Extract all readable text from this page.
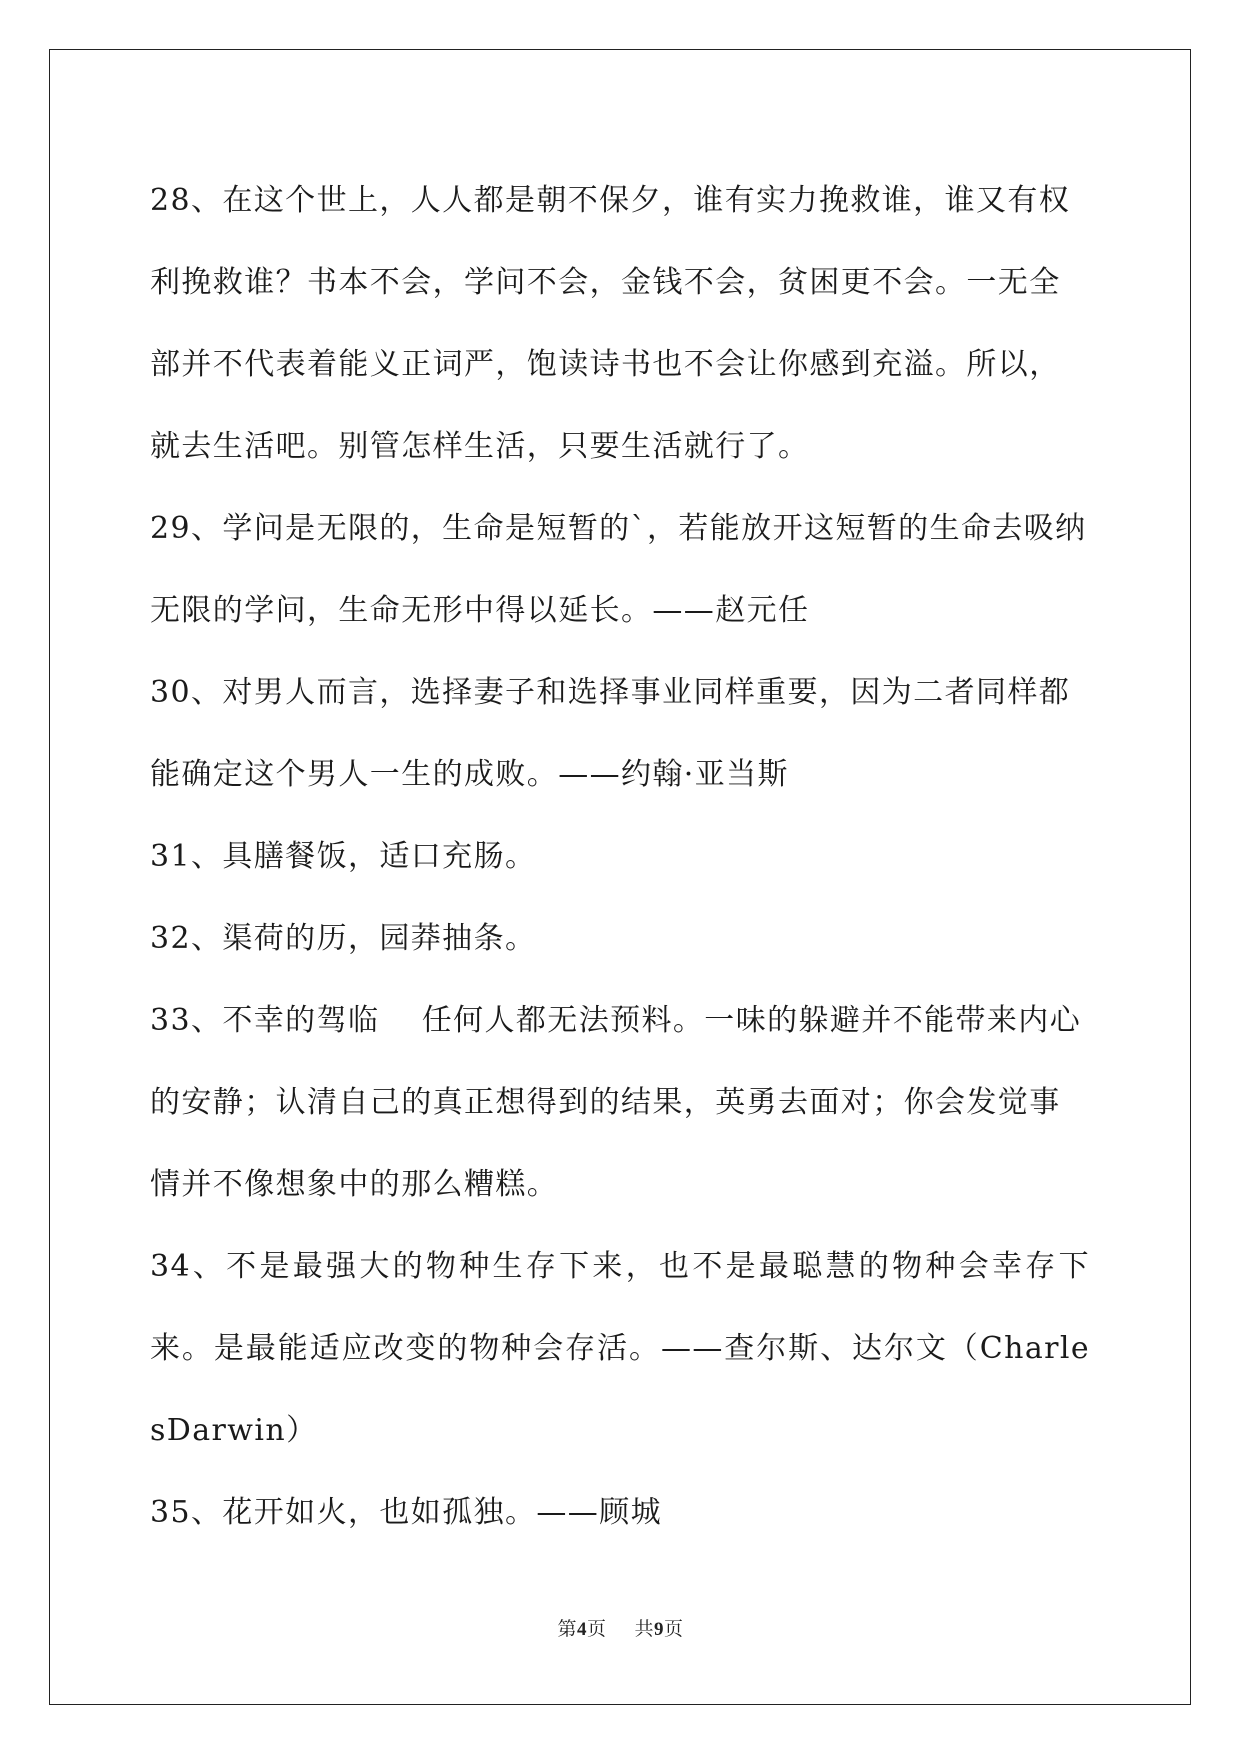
28、在这个世上，人人都是朝不保夕，谁有实力挽救谁，谁又有权利挽救谁？书本不会，学问不会，金钱不会，贫困更不会。一无全部并不代表着能义正词严，饱读诗书也不会让你感到充溢。所以，就去生活吧。别管怎样生活，只要生活就行了。

29、学问是无限的，生命是短暂的`，若能放开这短暂的生命去吸纳无限的学问，生命无形中得以延长。——赵元任

30、对男人而言，选择妻子和选择事业同样重要，因为二者同样都能确定这个男人一生的成败。——约翰·亚当斯

31、具膳餐饭，适口充肠。

32、渠荷的历，园莽抽条。

33、不幸的驾临　 任何人都无法预料。一味的躲避并不能带来内心的安静；认清自己的真正想得到的结果，英勇去面对；你会发觉事情并不像想象中的那么糟糕。

34、不是最强大的物种生存下来，也不是最聪慧的物种会幸存下来。是最能适应改变的物种会存活。——查尔斯、达尔文（CharlesDarwin）

35、花开如火，也如孤独。——顾城

第4页 共9页
